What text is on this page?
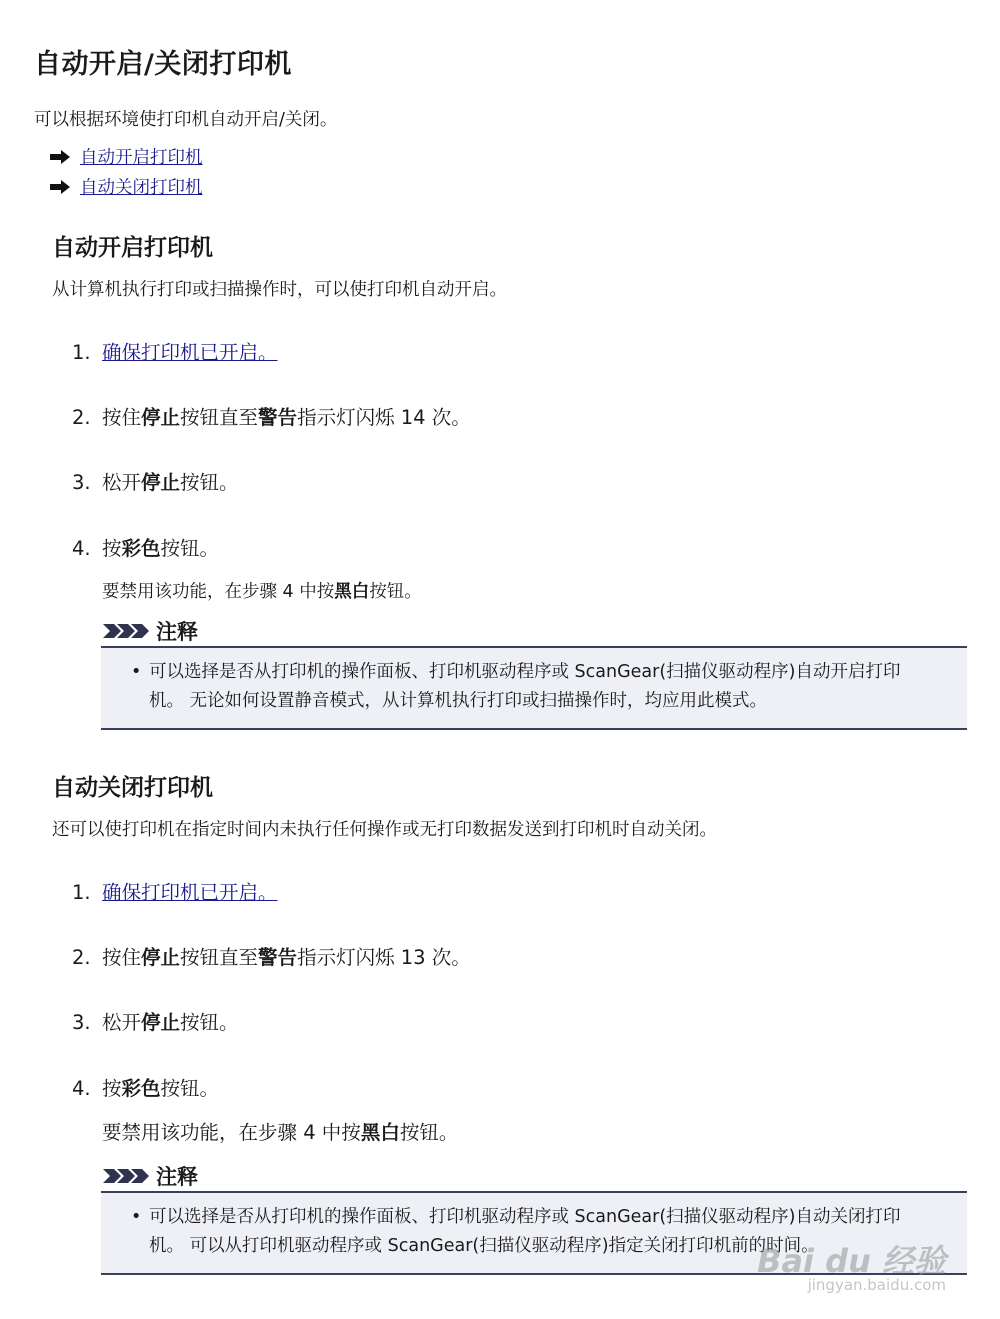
自动开启/关闭打印机
可以根据环境使打印机自动开启/关闭。
自动开启打印机
自动关闭打印机
自动开启打印机
从计算机执行打印或扫描操作时，可以使打印机自动开启。
1. 确保打印机已开启。
2. 按住停止按钮直至警告指示灯闪烁 14 次。
3. 松开停止按钮。
4. 按彩色按钮。
要禁用该功能，在步骤 4 中按黑白按钮。
注释
• 可以选择是否从打印机的操作面板、打印机驱动程序或 ScanGear(扫描仪驱动程序)自动开启打印
机。 无论如何设置静音模式，从计算机执行打印或扫描操作时，均应用此模式。
自动关闭打印机
还可以使打印机在指定时间内未执行任何操作或无打印数据发送到打印机时自动关闭。
1. 确保打印机已开启。
2. 按住停止按钮直至警告指示灯闪烁 13 次。
3. 松开停止按钮。
4. 按彩色按钮。
要禁用该功能，在步骤 4 中按黑白按钮。
注释
• 可以选择是否从打印机的操作面板、打印机驱动程序或 ScanGear(扫描仪驱动程序)自动关闭打印
机。 可以从打印机驱动程序或 ScanGear(扫描仪驱动程序)指定关闭打印机前的时间。
Bai du 经验
jingyan.baidu.com
